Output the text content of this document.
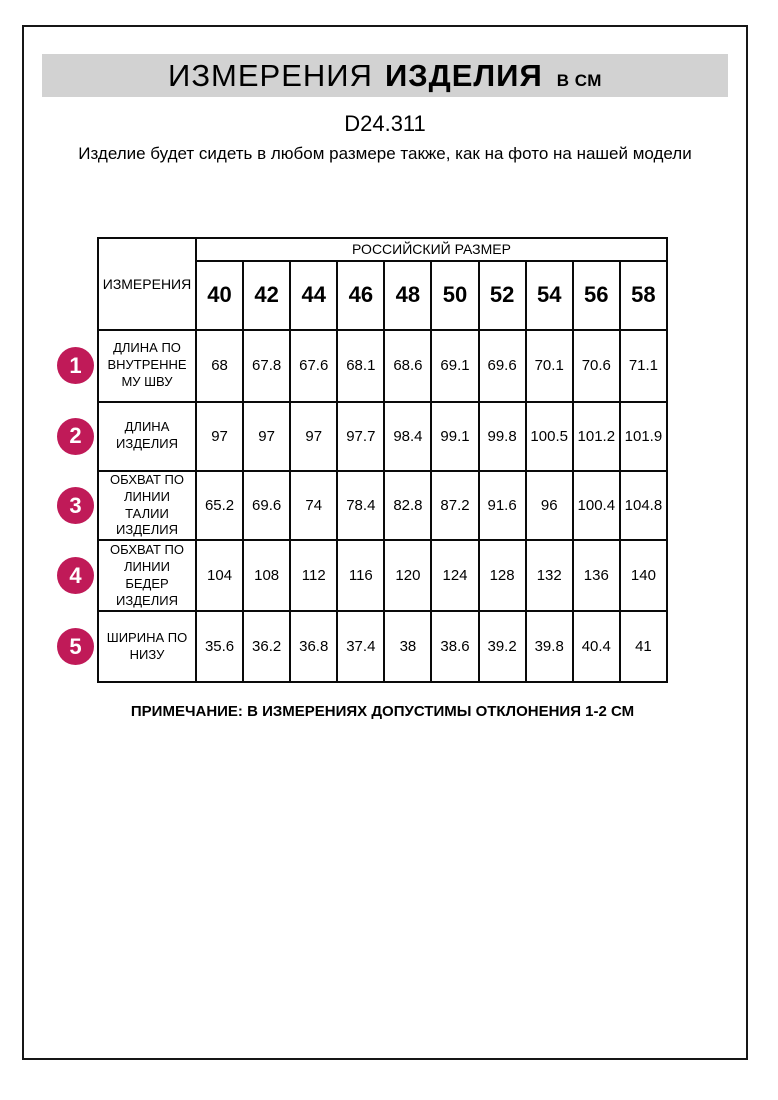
ИЗМЕРЕНИЯ ИЗДЕЛИЯ В СМ
D24.311
Изделие будет сидеть в любом размере также, как на фото на нашей модели
1
2
3
4
5
ИЗМЕРЕНИЯ	РОССИЙСКИЙ РАЗМЕР									
	40	42	44	46	48	50	52	54	56	58
ДЛИНА ПО
ВНУТРЕННЕ
МУ ШВУ	68	67.8	67.6	68.1	68.6	69.1	69.6	70.1	70.6	71.1
ДЛИНА
ИЗДЕЛИЯ	97	97	97	97.7	98.4	99.1	99.8	100.5	101.2	101.9
ОБХВАТ ПО
ЛИНИИ
ТАЛИИ
ИЗДЕЛИЯ	65.2	69.6	74	78.4	82.8	87.2	91.6	96	100.4	104.8
ОБХВАТ ПО
ЛИНИИ
БЕДЕР
ИЗДЕЛИЯ	104	108	112	116	120	124	128	132	136	140
ШИРИНА ПО
НИЗУ	35.6	36.2	36.8	37.4	38	38.6	39.2	39.8	40.4	41
ПРИМЕЧАНИЕ: В ИЗМЕРЕНИЯХ ДОПУСТИМЫ ОТКЛОНЕНИЯ 1-2 СМ
